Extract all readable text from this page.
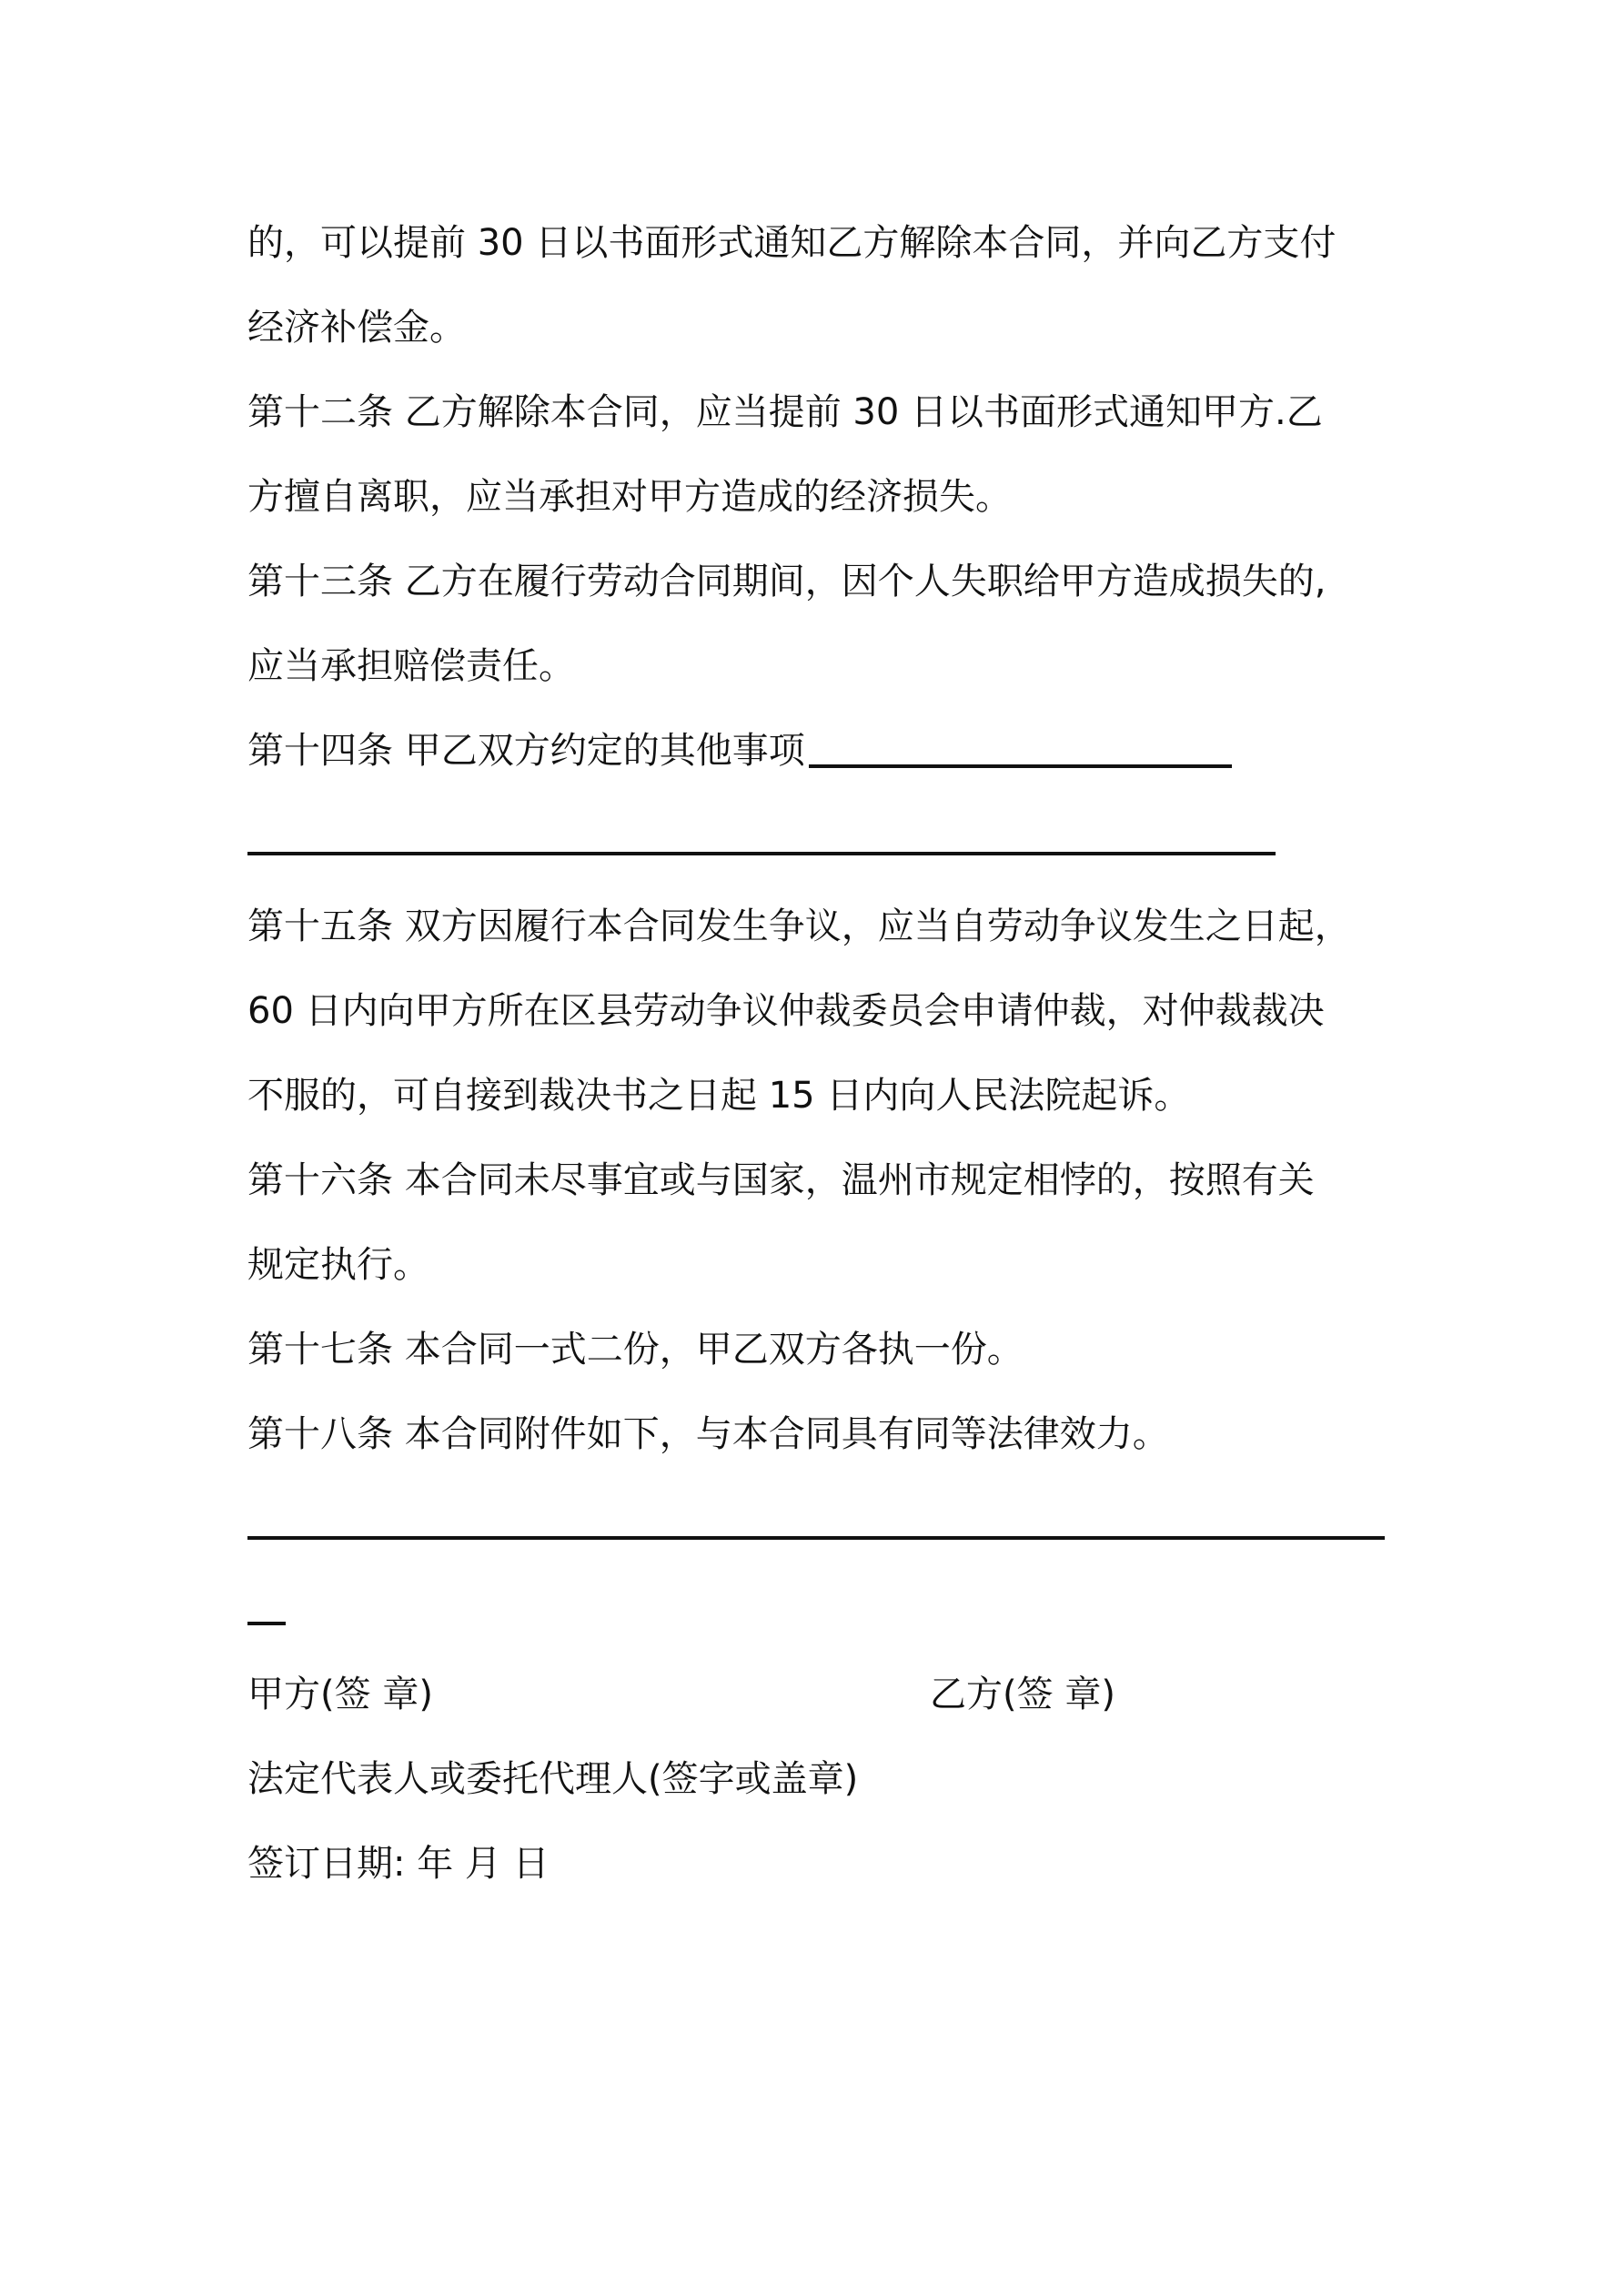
的，可以提前 30 日以书面形式通知乙方解除本合同，并向乙方支付
经济补偿金。
第十二条 乙方解除本合同，应当提前 30 日以书面形式通知甲方.乙
方擅自离职，应当承担对甲方造成的经济损失。
第十三条 乙方在履行劳动合同期间，因个人失职给甲方造成损失的,
应当承担赔偿责任。
第十四条 甲乙双方约定的其他事项
第十五条 双方因履行本合同发生争议，应当自劳动争议发生之日起，
60 日内向甲方所在区县劳动争议仲裁委员会申请仲裁，对仲裁裁决
不服的，可自接到裁决书之日起 15 日内向人民法院起诉。
第十六条 本合同未尽事宜或与国家，温州市规定相悖的，按照有关
规定执行。
第十七条 本合同一式二份，甲乙双方各执一份。
第十八条 本合同附件如下，与本合同具有同等法律效力。
甲方(签 章)	乙方(签 章)
法定代表人或委托代理人(签字或盖章)
签订日期: 年 月 日
